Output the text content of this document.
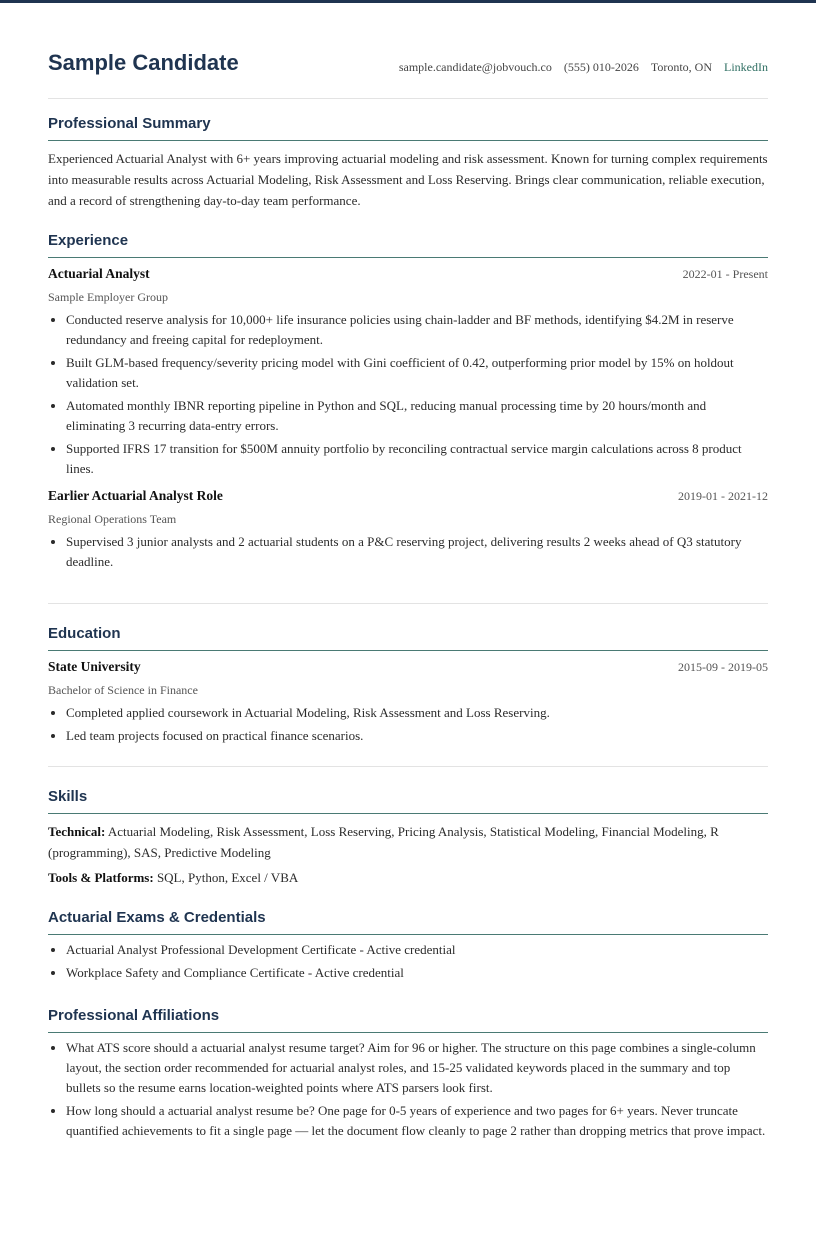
Sample Candidate	sample.candidate@jobvouch.co (555) 010-2026 Toronto, ON LinkedIn
Professional Summary

Experienced Actuarial Analyst with 6+ years improving actuarial modeling and risk assessment. Known for turning complex requirements into measurable results across Actuarial Modeling, Risk Assessment and Loss Reserving. Brings clear communication, reliable execution, and a record of strengthening day-to-day team performance.

Experience
Actuarial Analyst	2022-01 - Present
Sample Employer Group
• Conducted reserve analysis for 10,000+ life insurance policies using chain-ladder and BF methods, identifying $4.2M in reserve redundancy and freeing capital for redeployment.
• Built GLM-based frequency/severity pricing model with Gini coefficient of 0.42, outperforming prior model by 15% on holdout validation set.
• Automated monthly IBNR reporting pipeline in Python and SQL, reducing manual processing time by 20 hours/month and eliminating 3 recurring data-entry errors.
• Supported IFRS 17 transition for $500M annuity portfolio by reconciling contractual service margin calculations across 8 product lines.
Earlier Actuarial Analyst Role	2019-01 - 2021-12
Regional Operations Team
• Supervised 3 junior analysts and 2 actuarial students on a P&C reserving project, delivering results 2 weeks ahead of Q3 statutory deadline.
Education
State University	2015-09 - 2019-05
Bachelor of Science in Finance
• Completed applied coursework in Actuarial Modeling, Risk Assessment and Loss Reserving.
• Led team projects focused on practical finance scenarios.
Skills

Technical: Actuarial Modeling, Risk Assessment, Loss Reserving, Pricing Analysis, Statistical Modeling, Financial Modeling, R (programming), SAS, Predictive Modeling

Tools & Platforms: SQL, Python, Excel / VBA

Actuarial Exams & Credentials
• Actuarial Analyst Professional Development Certificate - Active credential
• Workplace Safety and Compliance Certificate - Active credential
Professional Affiliations
• What ATS score should a actuarial analyst resume target? Aim for 96 or higher. The structure on this page combines a single-column layout, the section order recommended for actuarial analyst roles, and 15-25 validated keywords placed in the summary and top bullets so the resume earns location-weighted points where ATS parsers look first.
• How long should a actuarial analyst resume be? One page for 0-5 years of experience and two pages for 6+ years. Never truncate quantified achievements to fit a single page — let the document flow cleanly to page 2 rather than dropping metrics that prove impact.
